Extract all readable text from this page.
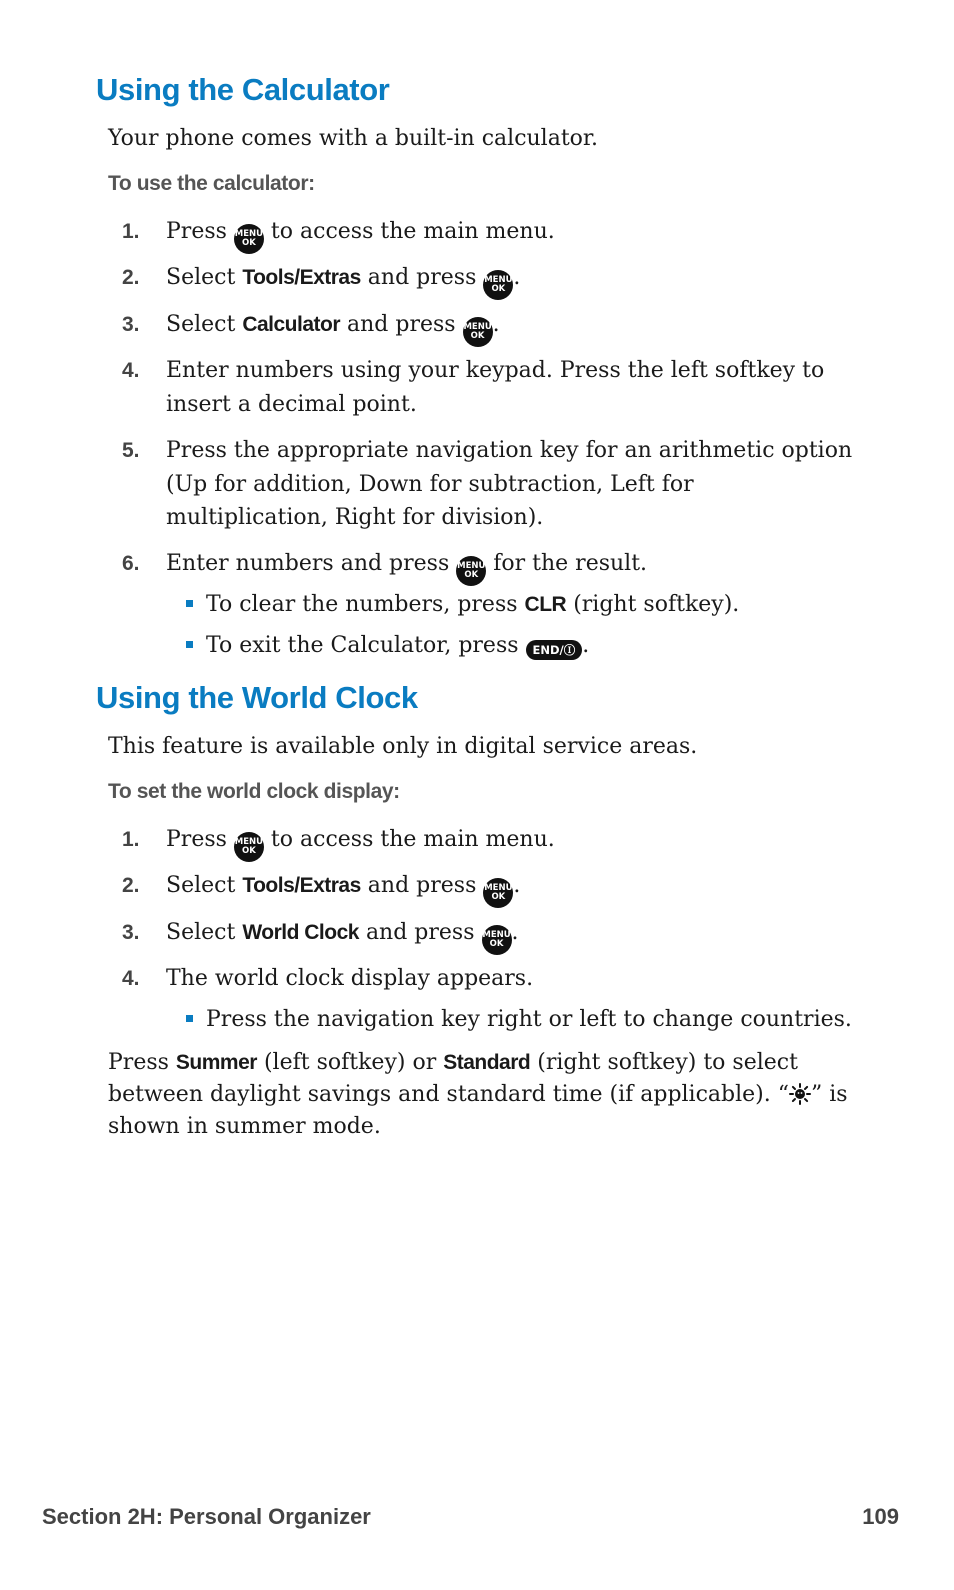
Using the Calculator

Your phone comes with a built-in calculator.

To use the calculator:

1. Press MENU
OK to access the main menu.
2. Select Tools/Extras and press MENU
OK .
3. Select Calculator and press MENU
OK .
4. Enter numbers using your keypad. Press the left softkey to insert a decimal point.
5. Press the appropriate navigation key for an arithmetic option (Up for addition, Down for subtraction, Left for multiplication, Right for division).
6. Enter numbers and press MENU
OK for the result.
To clear the numbers, press CLR (right softkey).
To exit the Calculator, press END/Ⓘ .
Using the World Clock

This feature is available only in digital service areas.

To set the world clock display:

1. Press MENU
OK to access the main menu.
2. Select Tools/Extras and press MENU
OK .
3. Select World Clock and press MENU
OK .
4. The world clock display appears.
Press the navigation key right or left to change countries.

Press Summer (left softkey) or Standard (right softkey) to select between daylight savings and standard time (if applicable). “ ” is shown in summer mode.

Section 2H: Personal Organizer	109
